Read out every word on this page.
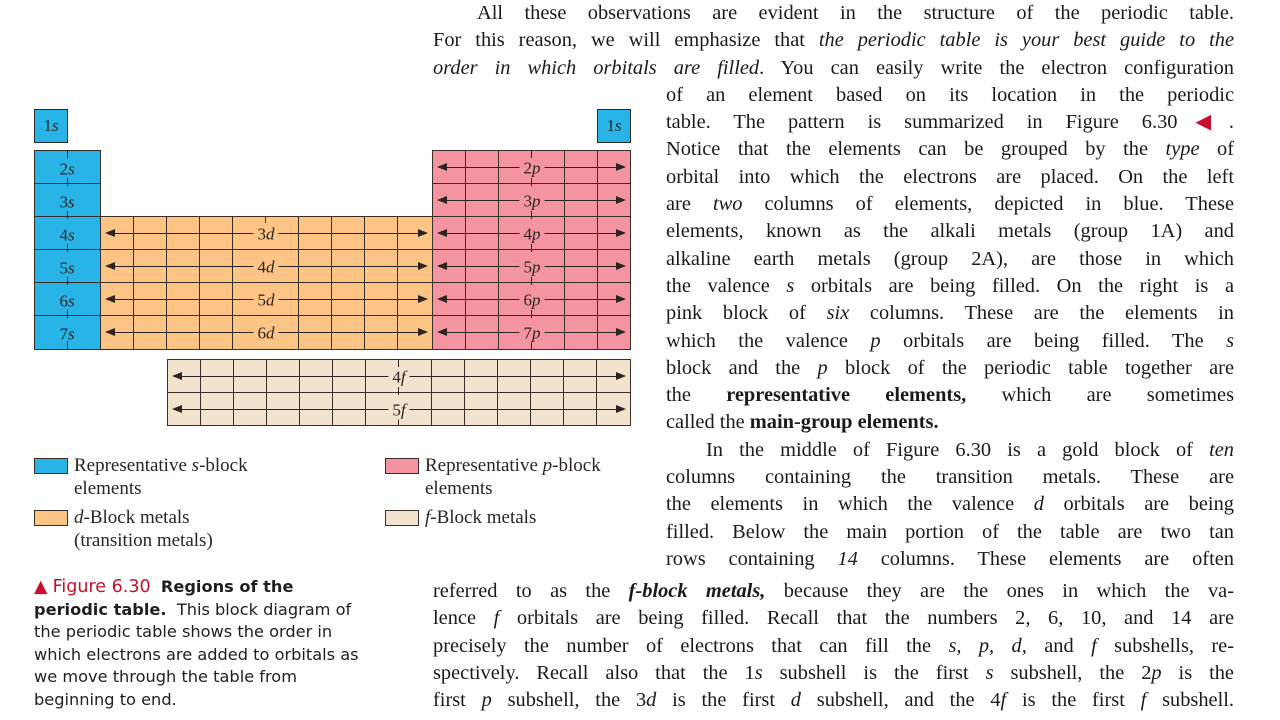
1s	1s
2s
3s
4s
5s
6s
7s
3d
4d
5d
6d
2p
3p
4p
5p
6p
7p
4f
5f
Representative s-block
elements
Representative p-block
elements
d-Block metals
(transition metals)
f-Block metals
▲ Figure 6.30 Regions of the
periodic table. This block diagram of
the periodic table shows the order in
which electrons are added to orbitals as
we move through the table from
beginning to end.
All these observations are evident in the structure of the periodic table.
For this reason, we will emphasize that the periodic table is your best guide to the
order in which orbitals are filled. You can easily write the electron configuration
of an element based on its location in the periodic
table. The pattern is summarized in Figure 6.30◀.
Notice that the elements can be grouped by the type of
orbital into which the electrons are placed. On the left
are two columns of elements, depicted in blue. These
elements, known as the alkali metals (group 1A) and
alkaline earth metals (group 2A), are those in which
the valence s orbitals are being filled. On the right is a
pink block of six columns. These are the elements in
which the valence p orbitals are being filled. The s
block and the p block of the periodic table together are
the representative elements, which are sometimes
called the main-group elements.
In the middle of Figure 6.30 is a gold block of ten
columns containing the transition metals. These are
the elements in which the valence d orbitals are being
filled. Below the main portion of the table are two tan
rows containing 14 columns. These elements are often
referred to as the f-block metals, because they are the ones in which the va-
lence f orbitals are being filled. Recall that the numbers 2, 6, 10, and 14 are
precisely the number of electrons that can fill the s, p, d, and f subshells, re-
spectively. Recall also that the 1s subshell is the first s subshell, the 2p is the
first p subshell, the 3d is the first d subshell, and the 4f is the first f subshell.
